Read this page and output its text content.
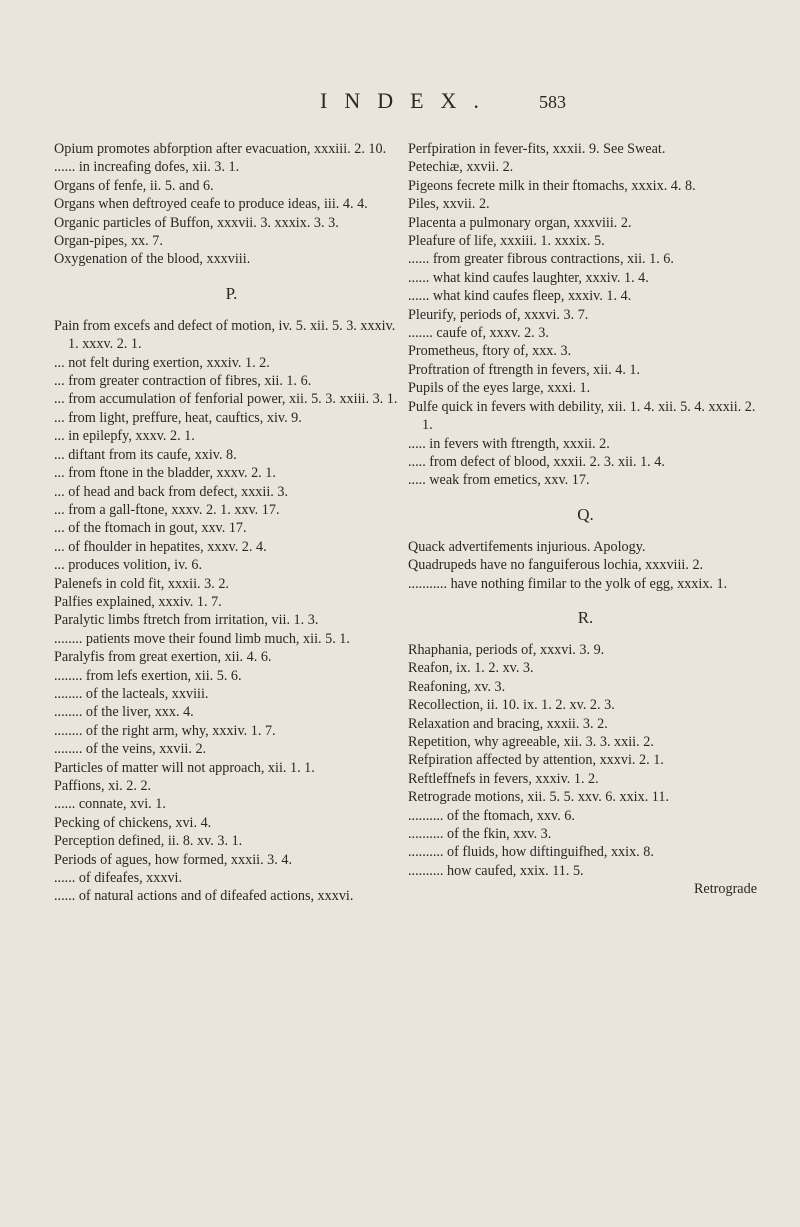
INDEX. 583
Opium promotes abforption after evacuation, xxxiii. 2. 10.
...... in increafing dofes, xii. 3. 1.
Organs of fenfe, ii. 5. and 6.
Organs when deftroyed ceafe to produce ideas, iii. 4. 4.
Organic particles of Buffon, xxxvii. 3. xxxix. 3. 3.
Organ-pipes, xx. 7.
Oxygenation of the blood, xxxviii.
P.
Pain from excefs and defect of motion, iv. 5. xii. 5. 3. xxxiv. 1. xxxv. 2. 1.
... not felt during exertion, xxxiv. 1. 2.
... from greater contraction of fibres, xii. 1. 6.
... from accumulation of fenforial power, xii. 5. 3. xxiii. 3. 1.
... from light, preffure, heat, cauftics, xiv. 9.
... in epilepfy, xxxv. 2. 1.
... diftant from its caufe, xxiv. 8.
... from ftone in the bladder, xxxv. 2. 1.
... of head and back from defect, xxxii. 3.
... from a gall-ftone, xxxv. 2. 1. xxv. 17.
... of the ftomach in gout, xxv. 17.
... of fhoulder in hepatites, xxxv. 2. 4.
... produces volition, iv. 6.
Palenefs in cold fit, xxxii. 3. 2.
Palfies explained, xxxiv. 1. 7.
Paralytic limbs ftretch from irritation, vii. 1. 3.
........ patients move their found limb much, xii. 5. 1.
Paralyfis from great exertion, xii. 4. 6.
........ from lefs exertion, xii. 5. 6.
........ of the lacteals, xxviii.
........ of the liver, xxx. 4.
........ of the right arm, why, xxxiv. 1. 7.
........ of the veins, xxvii. 2.
Particles of matter will not approach, xii. 1. 1.
Paffions, xi. 2. 2.
...... connate, xvi. 1.
Pecking of chickens, xvi. 4.
Perception defined, ii. 8. xv. 3. 1.
Periods of agues, how formed, xxxii. 3. 4.
...... of difeafes, xxxvi.
...... of natural actions and of difeafed actions, xxxvi.
Perfpiration in fever-fits, xxxii. 9. See Sweat.
Petechiæ, xxvii. 2.
Pigeons fecrete milk in their ftomachs, xxxix. 4. 8.
Piles, xxvii. 2.
Placenta a pulmonary organ, xxxviii. 2.
Pleafure of life, xxxiii. 1. xxxix. 5.
...... from greater fibrous contractions, xii. 1. 6.
...... what kind caufes laughter, xxxiv. 1. 4.
...... what kind caufes fleep, xxxiv. 1. 4.
Pleurify, periods of, xxxvi. 3. 7.
....... caufe of, xxxv. 2. 3.
Prometheus, ftory of, xxx. 3.
Proftration of ftrength in fevers, xii. 4. 1.
Pupils of the eyes large, xxxi. 1.
Pulfe quick in fevers with debility, xii. 1. 4. xii. 5. 4. xxxii. 2. 1.
..... in fevers with ftrength, xxxii. 2.
..... from defect of blood, xxxii. 2. 3. xii. 1. 4.
..... weak from emetics, xxv. 17.
Q.
Quack advertifements injurious. Apology.
Quadrupeds have no fanguiferous lochia, xxxviii. 2.
........... have nothing fimilar to the yolk of egg, xxxix. 1.
R.
Rhaphania, periods of, xxxvi. 3. 9.
Reafon, ix. 1. 2. xv. 3.
Reafoning, xv. 3.
Recollection, ii. 10. ix. 1. 2. xv. 2. 3.
Relaxation and bracing, xxxii. 3. 2.
Repetition, why agreeable, xii. 3. 3. xxii. 2.
Refpiration affected by attention, xxxvi. 2. 1.
Reftleffnefs in fevers, xxxiv. 1. 2.
Retrograde motions, xii. 5. 5. xxv. 6. xxix. 11.
.......... of the ftomach, xxv. 6.
.......... of the fkin, xxv. 3.
.......... of fluids, how diftinguifhed, xxix. 8.
.......... how caufed, xxix. 11. 5.
Retrograde
